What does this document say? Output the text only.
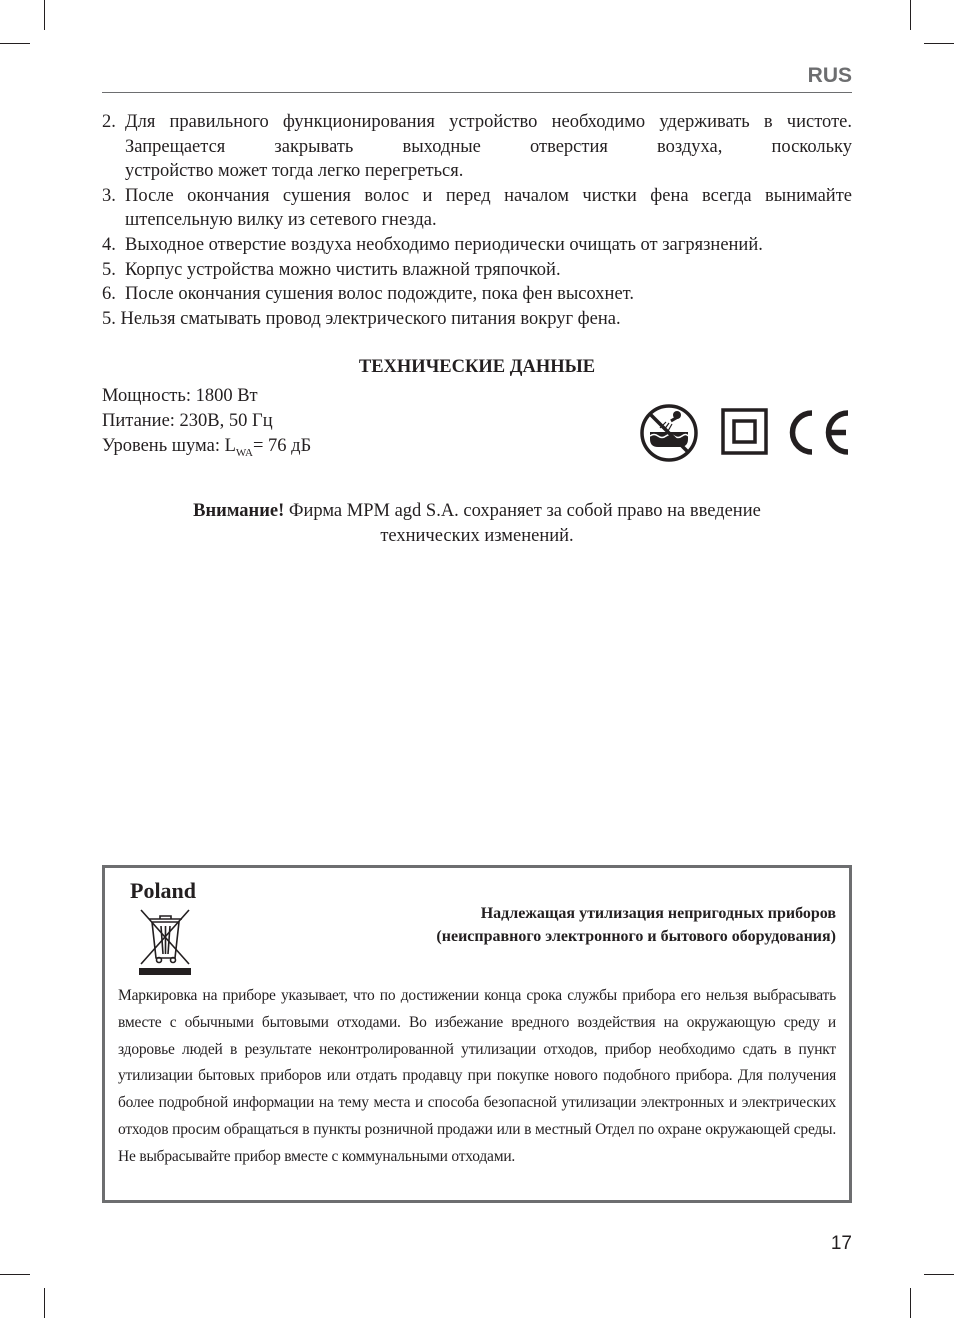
RUS
2. Для правильного функционирования устройство необходимо удерживать в чистоте. Запрещается закрывать выходные отверстия воздуха, поскольку
устройство может тогда легко перегреться.
3. После окончания сушения волос и перед началом чистки фена всегда вынимайте
штепсельную вилку из сетевого гнезда.
4. Выходное отверстие воздуха необходимо периодически очищать от загрязнений.
5. Корпус устройства можно чистить влажной тряпочкой.
6. После окончания сушения волос подождите, пока фен высохнет.
5. Нельзя сматывать провод электрического питания вокруг фена.
ТЕХНИЧЕСКИЕ ДАННЫЕ
Мощность: 1800 Вт
Питание: 230В, 50 Гц
Уровень шума: $L_{WA}= 76$ дБ
Внимание! Фирма MPM agd S.A. сохраняет за собой право на введение
технических изменений.
Poland
Надлежащая утилизация непригодных приборов
(неисправного электронного и бытового оборудования)
Маркировка на приборе указывает, что по достижении конца срока службы прибора его нельзя выбрасывать вместе с обычными бытовыми отходами. Во избежание вредного воздействия на окружающую среду и здоровье людей в результате неконтролированной утилизации отходов, прибор необходимо сдать в пункт утилизации бытовых приборов или отдать продавцу при покупке нового подобного прибора. Для получения более подробной информации на тему места и способа безопасной утилизации электронных и электрических отходов просим обращаться в пункты розничной продажи или в местный Отдел по охране окружающей среды. Не выбрасывайте прибор вместе с коммунальными отходами.
17
